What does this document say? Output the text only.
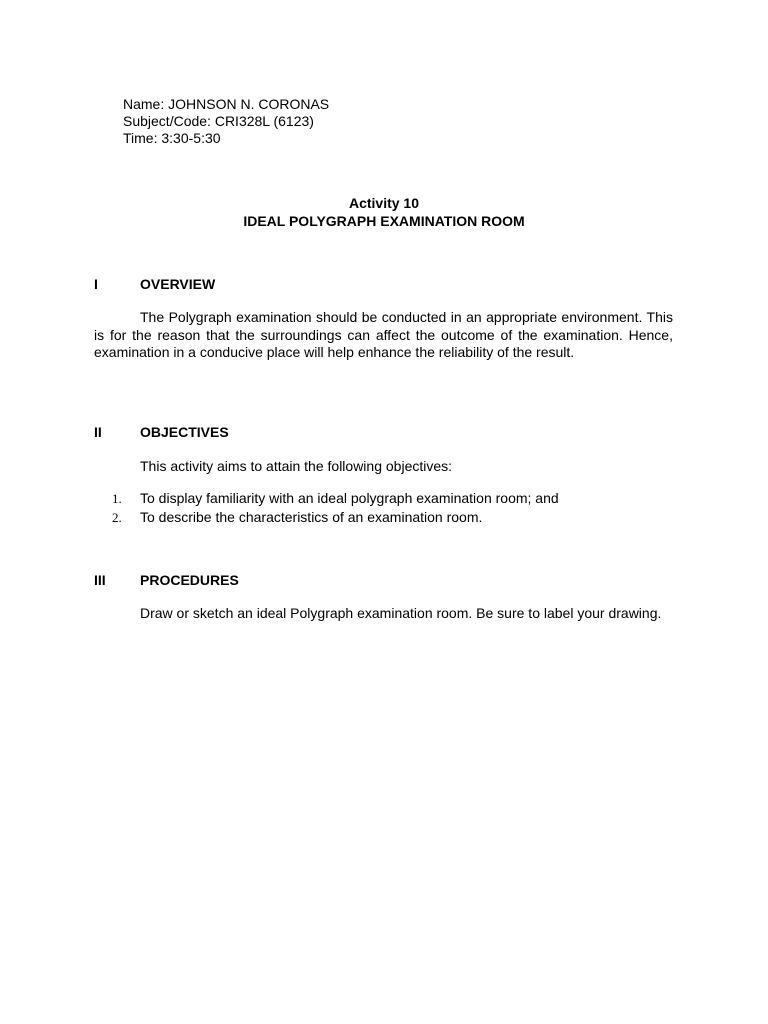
Name: JOHNSON N. CORONAS
Subject/Code: CRI328L (6123)
Time: 3:30-5:30
Activity 10
IDEAL POLYGRAPH EXAMINATION ROOM
I	OVERVIEW
The Polygraph examination should be conducted in an appropriate environment. This is for the reason that the surroundings can affect the outcome of the examination. Hence, examination in a conducive place will help enhance the reliability of the result.
II	OBJECTIVES
This activity aims to attain the following objectives:
1. To display familiarity with an ideal polygraph examination room; and
2. To describe the characteristics of an examination room.
III PROCEDURES
Draw or sketch an ideal Polygraph examination room. Be sure to label your drawing.
